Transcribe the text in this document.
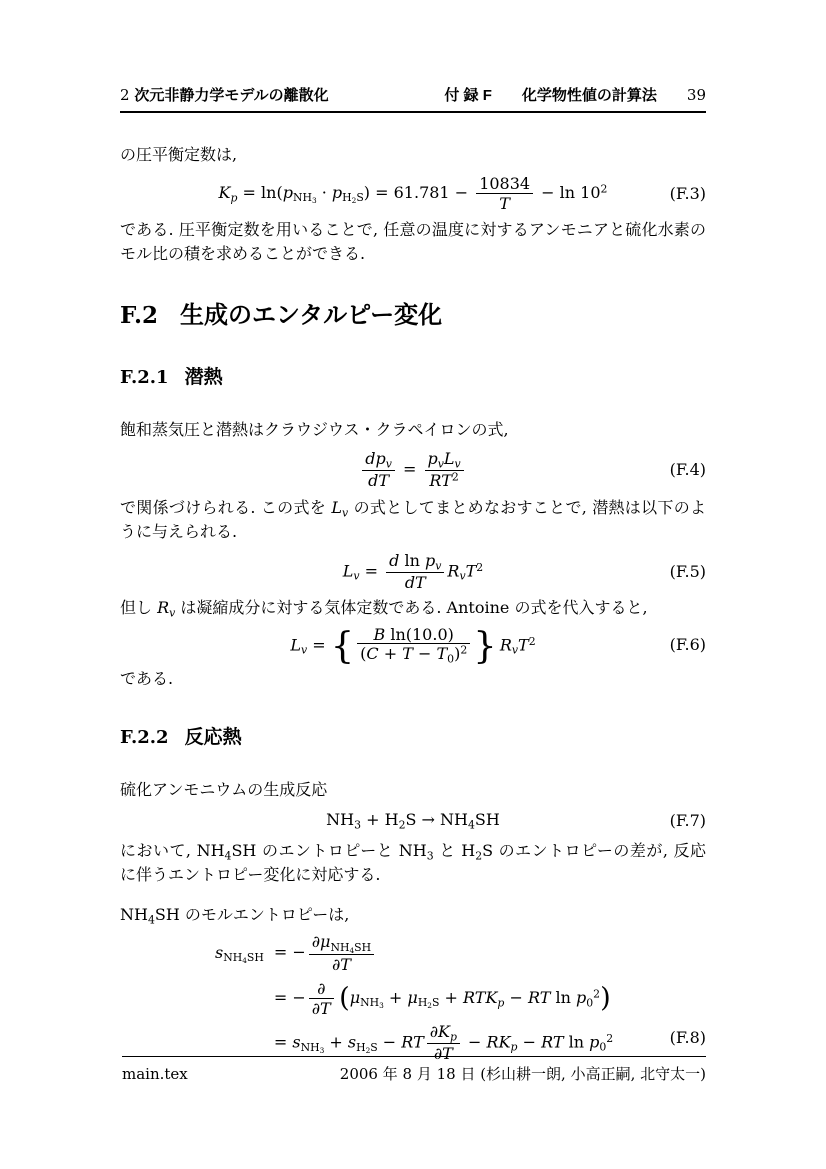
2 次元非静力学モデルの離散化	付 録 F 化学物性値の計算法 39

の圧平衡定数は,

$K_p = \ln(p_{NH_3} \cdot p_{H_2S}) = 61.781 - \frac{10834}{T} - \ln 10^2$	(F.3)

である. 圧平衡定数を用いることで, 任意の温度に対するアンモニアと硫化水素のモル比の積を求めることができる.

F.2 生成のエンタルピー変化
F.2.1 潜熱

飽和蒸気圧と潜熱はクラウジウス・クラペイロンの式,

$\frac{dp_v}{dT} = \frac{p_vL_v}{RT^2}$	(F.4)

で関係づけられる. この式を $L_v$ の式としてまとめなおすことで, 潜熱は以下のように与えられる.

$L_v = \frac{d \ln p_v}{dT} R_vT^2$	(F.5)

但し $R_v$ は凝縮成分に対する気体定数である. Antoine の式を代入すると,

$L_v$ = { $\frac{\text{B ln(10.0)}}{(C + T - T_0)^2}$ } $R_vT^2$	(F.6)

である.

F.2.2 反応熱

硫化アンモニウムの生成反応

$NH_3 + H_2S \to NH_4SH$	(F.7)

において, $NH_4SH$ のエントロピーと $NH_3$ と $H_2S$ のエントロピーの差が, 反応に伴うエントロピー変化に対応する.

$NH_4SH$ のモルエントロピーは,

$s_{NH_4SH}$ = − $\frac{\partial\mu_{NH_4SH}}{\partial T}$
= − $\frac{\partial}{\partial T} (\mu_{NH_3} + \mu_{H_2S} + RTK_p$ − RT $\ln p_0^2$)
= $s_{NH_3} + s_{H_2S}$ − RT $\frac{\partial K_p}{\partial T} - RK_p$ − RT $\ln p_0^2$	(F.8)
main.tex	2006 年 8 月 18 日 (杉山耕一朗, 小高正嗣, 北守太一)
